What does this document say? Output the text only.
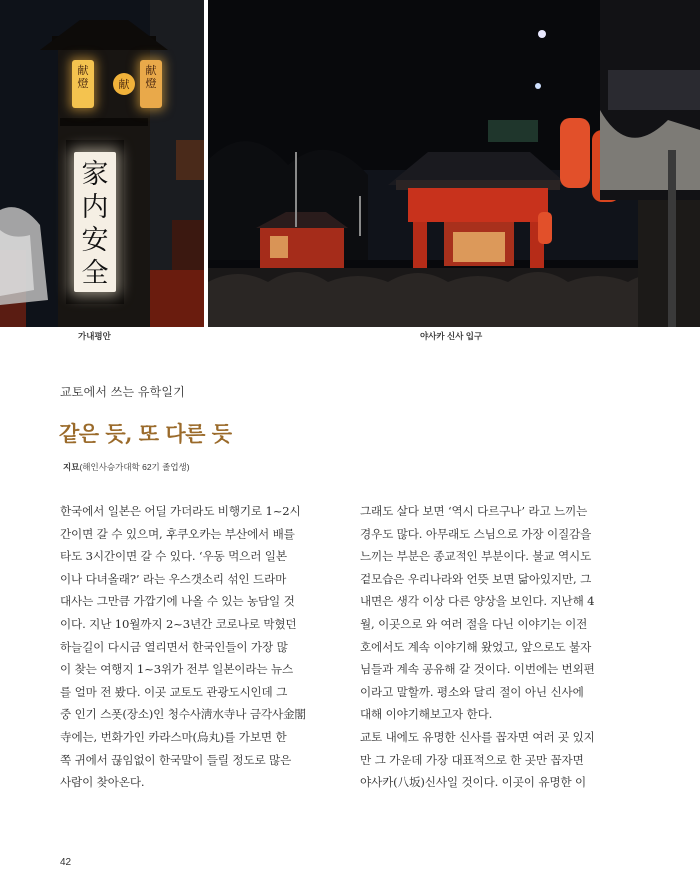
献
燈
献
燈
献
家
内
安
全
가내평안	야사카 신사 입구
교토에서 쓰는 유학일기
같은 듯, 또 다른 듯
지묘(해인사승가대학 62기 졸업생)
한국에서 일본은 어딜 가더라도 비행기로 1~2시
간이면 갈 수 있으며, 후쿠오카는 부산에서 배를
타도 3시간이면 갈 수 있다. ‘우동 먹으러 일본
이나 다녀올래?’ 라는 우스갯소리 섞인 드라마
대사는 그만큼 가깝기에 나올 수 있는 농담일 것
이다. 지난 10월까지 2~3년간 코로나로 막혔던
하늘길이 다시금 열리면서 한국인들이 가장 많
이 찾는 여행지 1~3위가 전부 일본이라는 뉴스
를 얼마 전 봤다. 이곳 교토도 관광도시인데 그
중 인기 스폿(장소)인 청수사淸水寺나 금각사金閣
寺에는, 번화가인 카라스마(烏丸)를 가보면 한
쪽 귀에서 끊임없이 한국말이 들릴 정도로 많은
사람이 찾아온다.
그래도 살다 보면 ‘역시 다르구나’ 라고 느끼는
경우도 많다. 아무래도 스님으로 가장 이질감을
느끼는 부분은 종교적인 부분이다. 불교 역시도
겉모습은 우리나라와 언뜻 보면 닮아있지만, 그
내면은 생각 이상 다른 양상을 보인다. 지난해 4
월, 이곳으로 와 여러 절을 다닌 이야기는 이전
호에서도 계속 이야기해 왔었고, 앞으로도 불자
님들과 계속 공유해 갈 것이다. 이번에는 번외편
이라고 말할까. 평소와 달리 절이 아닌 신사에
대해 이야기해보고자 한다.
교토 내에도 유명한 신사를 꼽자면 여러 곳 있지
만 그 가운데 가장 대표적으로 한 곳만 꼽자면
야사카(八坂)신사일 것이다. 이곳이 유명한 이
42
